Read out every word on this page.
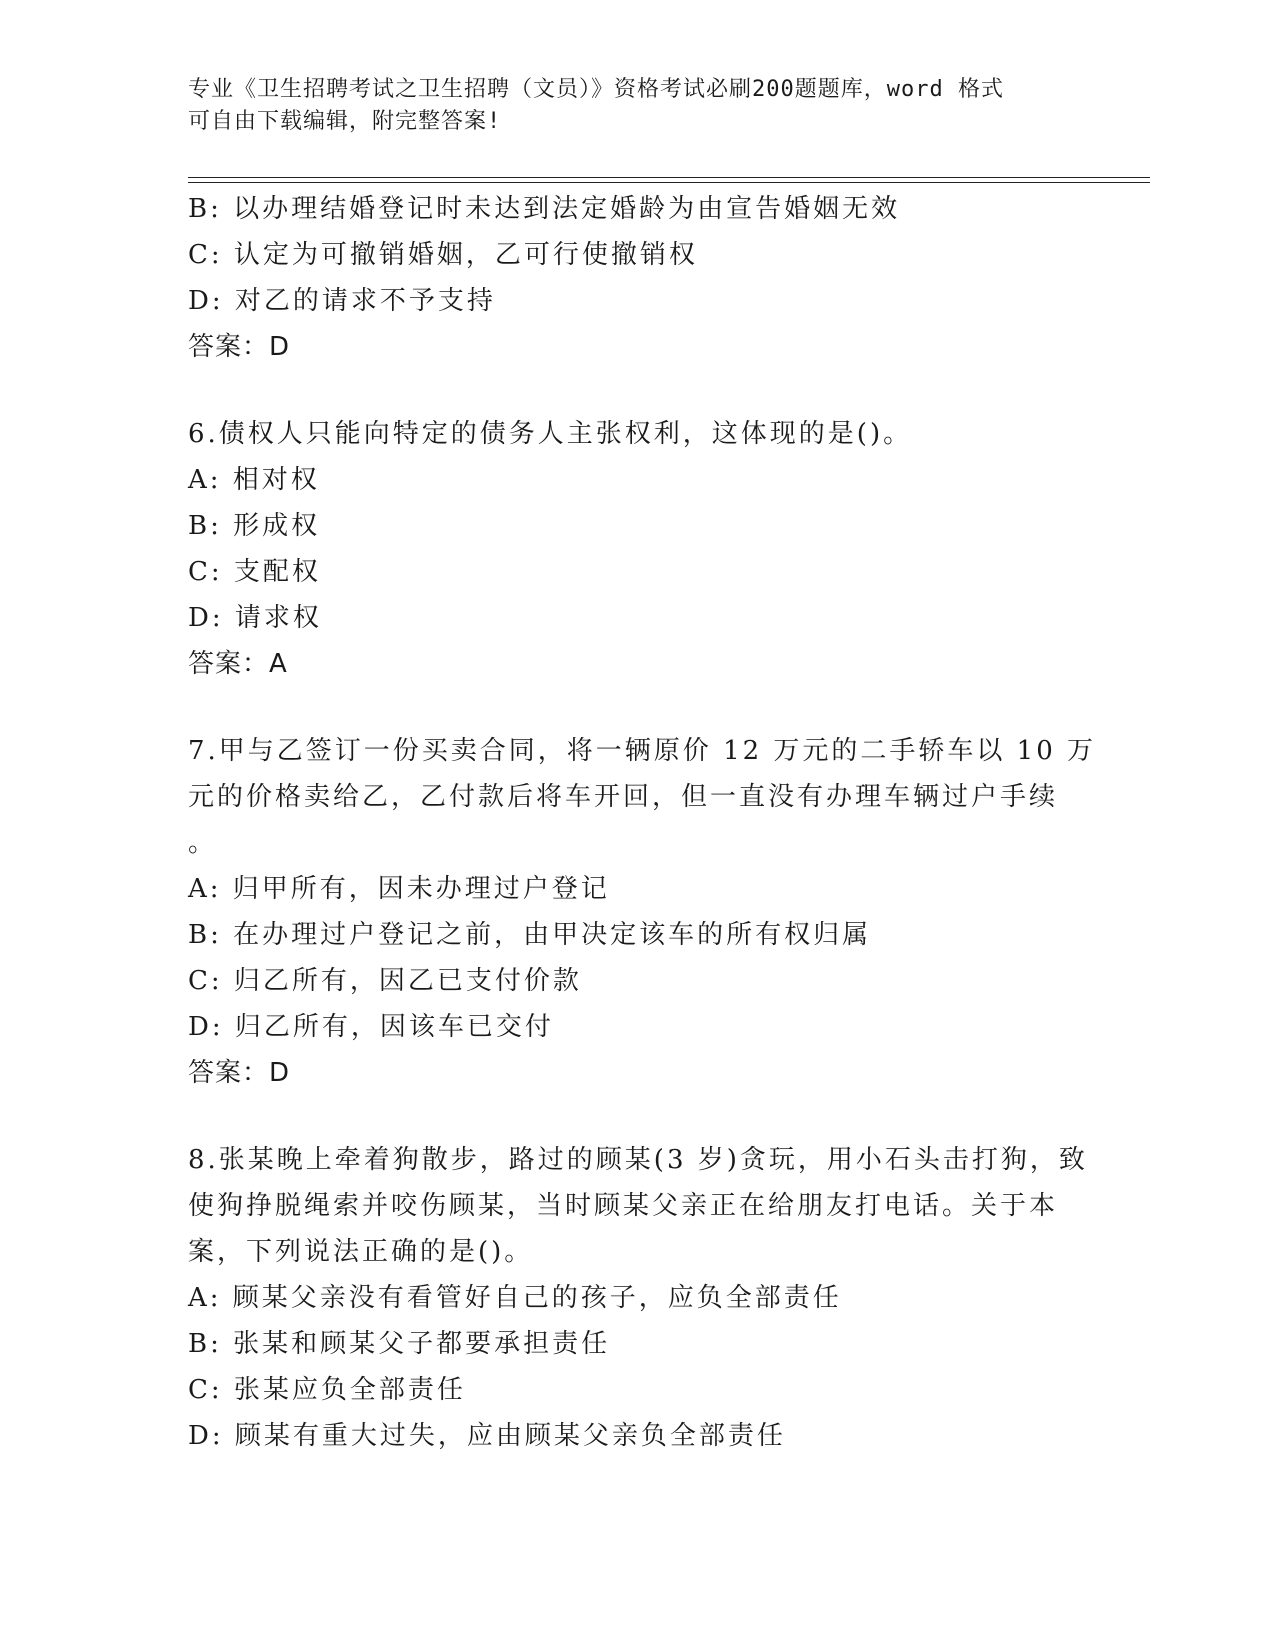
专业《卫生招聘考试之卫生招聘（文员）》资格考试必刷200题题库，word 格式
可自由下载编辑，附完整答案!
B: 以办理结婚登记时未达到法定婚龄为由宣告婚姻无效
C: 认定为可撤销婚姻，乙可行使撤销权
D: 对乙的请求不予支持
答案：D
6.债权人只能向特定的债务人主张权利，这体现的是()。
A: 相对权
B: 形成权
C: 支配权
D: 请求权
答案：A
7.甲与乙签订一份买卖合同，将一辆原价 12 万元的二手轿车以 10 万
元的价格卖给乙，乙付款后将车开回，但一直没有办理车辆过户手续
。
A: 归甲所有，因未办理过户登记
B: 在办理过户登记之前，由甲决定该车的所有权归属
C: 归乙所有，因乙已支付价款
D: 归乙所有，因该车已交付
答案：D
8.张某晚上牵着狗散步，路过的顾某(3 岁)贪玩，用小石头击打狗，致
使狗挣脱绳索并咬伤顾某，当时顾某父亲正在给朋友打电话。关于本
案，下列说法正确的是()。
A: 顾某父亲没有看管好自己的孩子，应负全部责任
B: 张某和顾某父子都要承担责任
C: 张某应负全部责任
D: 顾某有重大过失，应由顾某父亲负全部责任
